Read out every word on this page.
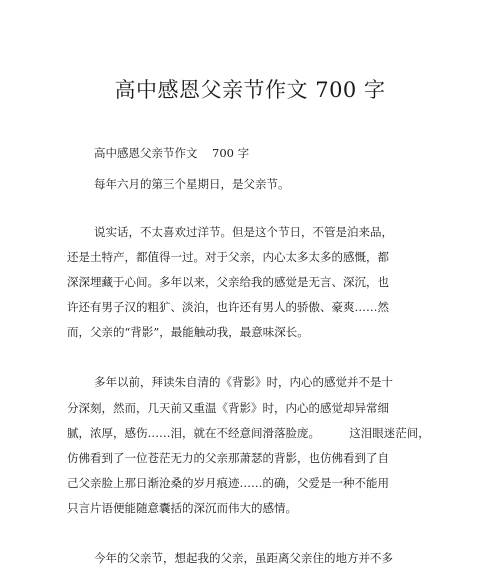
高中感恩父亲节作文 700 字
高中感恩父亲节作文 700 字
每年六月的第三个星期日，是父亲节。
说实话，不太喜欢过洋节。但是这个节日，不管是泊来品，
还是土特产，都值得一过。对于父亲，内心太多太多的感慨，都
深深埋藏于心间。多年以来，父亲给我的感觉是无言、深沉，也
许还有男子汉的粗犷、淡泊，也许还有男人的骄傲、豪爽……然
而，父亲的“背影”，最能触动我，最意味深长。
多年以前，拜读朱自清的《背影》时，内心的感觉并不是十
分深刻，然而，几天前又重温《背影》时，内心的感觉却异常细
腻，浓厚，感伤……泪，就在不经意间滑落脸庞。        这泪眼迷茫间，
仿佛看到了一位苍茫无力的父亲那萧瑟的背影，也仿佛看到了自
己父亲脸上那日渐沧桑的岁月痕迹……的确，父爱是一种不能用
只言片语便能随意囊括的深沉而伟大的感情。
今年的父亲节，想起我的父亲，虽距离父亲住的地方并不多
